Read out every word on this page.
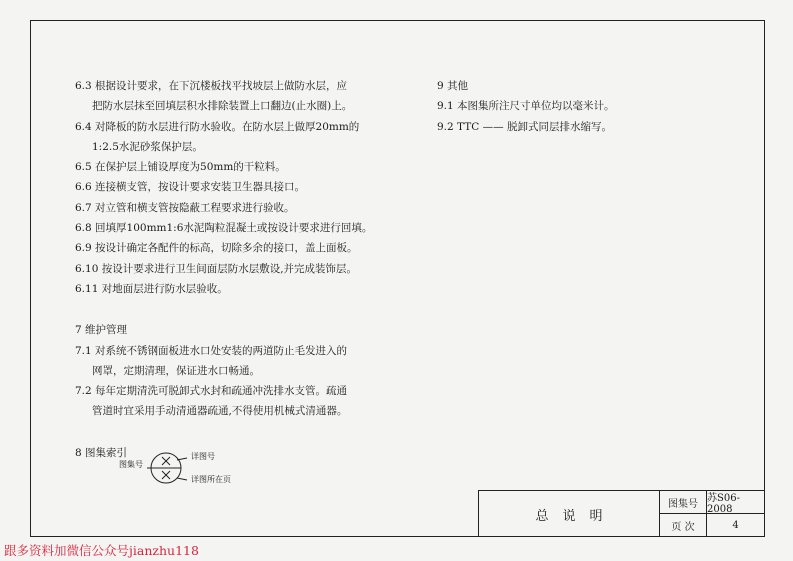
6.3 根据设计要求，在下沉楼板找平找坡层上做防水层，应
把防水层抹至回填层积水排除装置上口翻边(止水圈)上。
6.4 对降板的防水层进行防水验收。在防水层上做厚20mm的
1:2.5水泥砂浆保护层。
6.5 在保护层上铺设厚度为50mm的干粒料。
6.6 连接横支管，按设计要求安装卫生器具接口。
6.7 对立管和横支管按隐蔽工程要求进行验收。
6.8 回填厚100mm1:6水泥陶粒混凝土或按设计要求进行回填。
6.9 按设计确定各配件的标高，切除多余的接口，盖上面板。
6.10 按设计要求进行卫生间面层防水层敷设,并完成装饰层。
6.11 对地面层进行防水层验收。
7 维护管理
7.1 对系统不锈钢面板进水口处安装的两道防止毛发进入的
网罩，定期清理，保证进水口畅通。
7.2 每年定期清洗可脱卸式水封和疏通冲洗排水支管。疏通
管道时宜采用手动清通器疏通,不得使用机械式清通器。
8 图集索引
9 其他
9.1 本图集所注尺寸单位均以毫米计。
9.2 TTC —— 脱卸式同层排水缩写。
图集号
详图号
详图所在页
总说明
图集号 苏S06-2008
页 次	4
跟多资料加微信公众号jianzhu118
